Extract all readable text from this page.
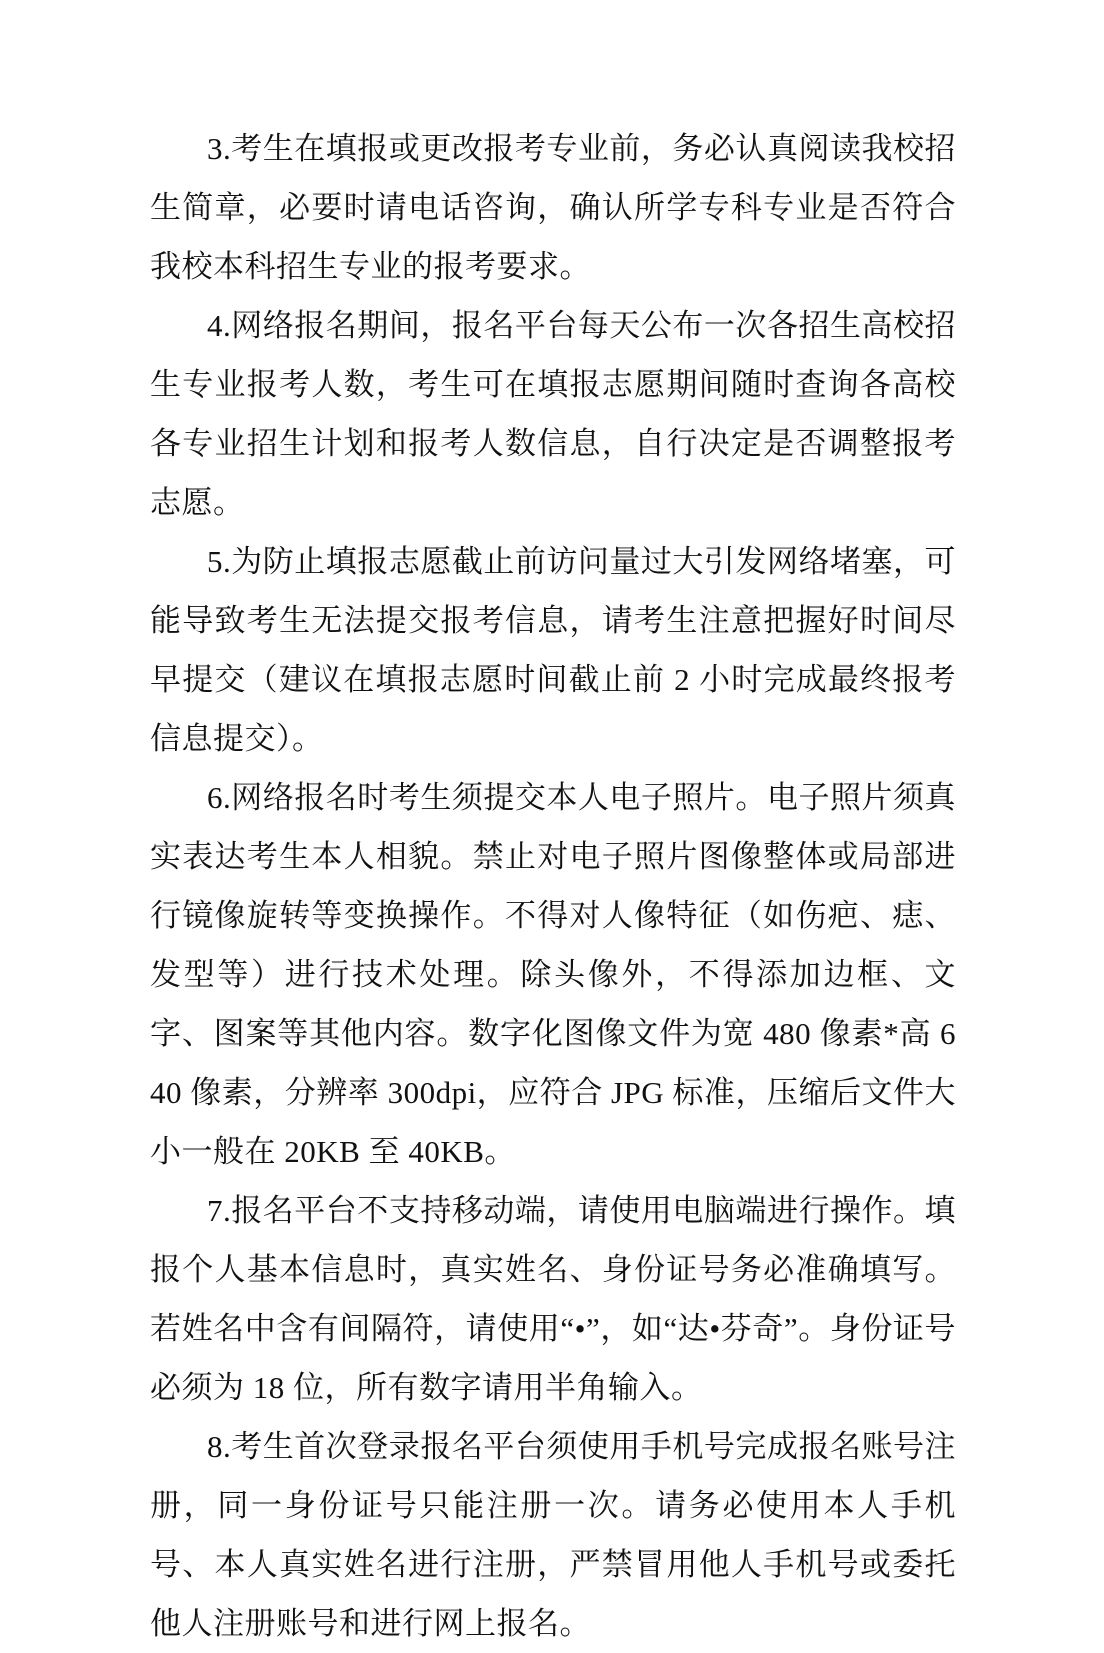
3.考生在填报或更改报考专业前，务必认真阅读我校招生简章，必要时请电话咨询，确认所学专科专业是否符合我校本科招生专业的报考要求。

4.网络报名期间，报名平台每天公布一次各招生高校招生专业报考人数，考生可在填报志愿期间随时查询各高校各专业招生计划和报考人数信息，自行决定是否调整报考志愿。

5.为防止填报志愿截止前访问量过大引发网络堵塞，可能导致考生无法提交报考信息，请考生注意把握好时间尽早提交（建议在填报志愿时间截止前 2 小时完成最终报考信息提交）。

6.网络报名时考生须提交本人电子照片。电子照片须真实表达考生本人相貌。禁止对电子照片图像整体或局部进行镜像旋转等变换操作。不得对人像特征（如伤疤、痣、发型等）进行技术处理。除头像外，不得添加边框、文字、图案等其他内容。数字化图像文件为宽 480 像素*高 640 像素，分辨率 300dpi，应符合 JPG 标准，压缩后文件大小一般在 20KB 至 40KB。

7.报名平台不支持移动端，请使用电脑端进行操作。填报个人基本信息时，真实姓名、身份证号务必准确填写。若姓名中含有间隔符，请使用“•”，如“达•芬奇”。身份证号必须为 18 位，所有数字请用半角输入。

8.考生首次登录报名平台须使用手机号完成报名账号注册，同一身份证号只能注册一次。请务必使用本人手机号、本人真实姓名进行注册，严禁冒用他人手机号或委托他人注册账号和进行网上报名。
